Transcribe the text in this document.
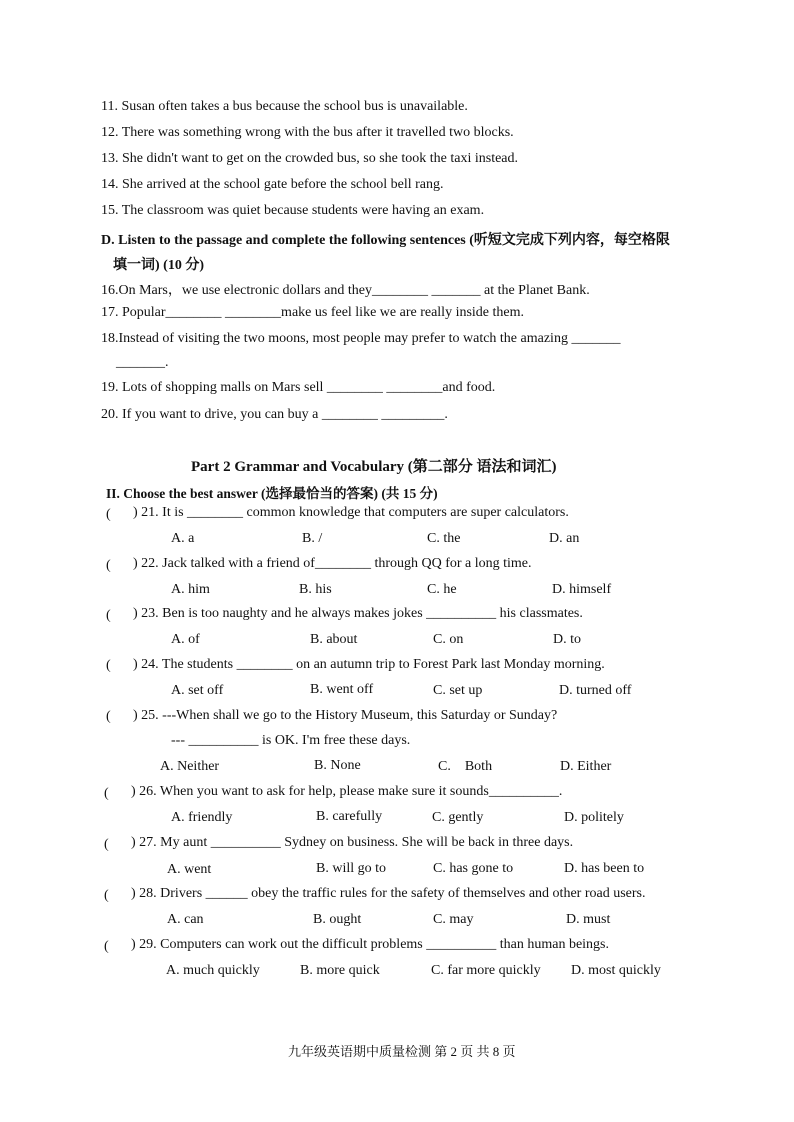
11. Susan often takes a bus because the school bus is unavailable.
12. There was something wrong with the bus after it travelled two blocks.
13. She didn't want to get on the crowded bus, so she took the taxi instead.
14. She arrived at the school gate before the school bell rang.
15. The classroom was quiet because students were having an exam.
D. Listen to the passage and complete the following sentences (听短文完成下列内容，每空格限
填一词) (10 分)
16.On Mars，we use electronic dollars and they________ _______ at the Planet Bank.
17. Popular________ ________make us feel like we are really inside them.
18.Instead of visiting the two moons, most people may prefer to watch the amazing _______
_______.
19. Lots of shopping malls on Mars sell ________ ________and food.
20. If you want to drive, you can buy a ________ _________.
Part 2 Grammar and Vocabulary (第二部分 语法和词汇)
II. Choose the best answer (选择最恰当的答案) (共 15 分)
( ) 21. It is ________ common knowledge that computers are super calculators.
A. a	B. /	C. the	D. an
( ) 22. Jack talked with a friend of________ through QQ for a long time.
A. him	B. his	C. he	D. himself
( ) 23. Ben is too naughty and he always makes jokes __________ his classmates.
A. of	B. about	C. on	D. to
( ) 24. The students ________ on an autumn trip to Forest Park last Monday morning.
A. set off	B. went off	C. set up	D. turned off
( ) 25. ---When shall we go to the History Museum, this Saturday or Sunday?
--- __________ is OK. I'm free these days.
A. Neither	B. None	C.    Both	D. Either
( ) 26. When you want to ask for help, please make sure it sounds__________.
A. friendly	B. carefully	C. gently	D. politely
( ) 27. My aunt __________ Sydney on business. She will be back in three days.
A. went	B. will go to	C. has gone to	D. has been to
( ) 28. Drivers ______ obey the traffic rules for the safety of themselves and other road users.
A. can	B. ought	C. may	D. must
( ) 29. Computers can work out the difficult problems __________ than human beings.
A. much quickly	B. more quick	C. far more quickly D. most quickly
九年级英语期中质量检测 第 2 页 共 8 页
